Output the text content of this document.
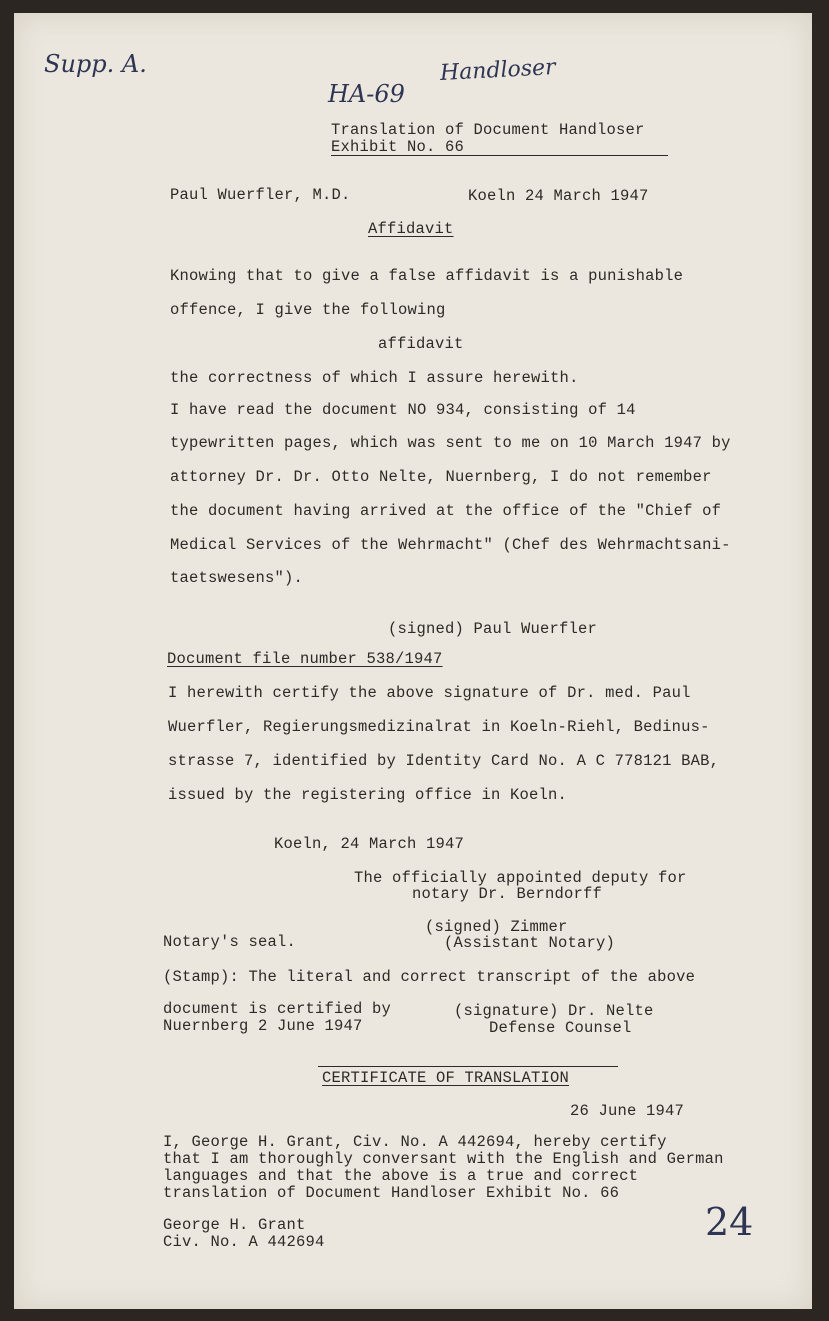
Supp. A.
HA-69
Handloser
24
Translation of Document Handloser
Exhibit No. 66
Paul Wuerfler, M.D.	Koeln 24 March 1947
Affidavit
Knowing that to give a false affidavit is a punishable
offence, I give the following
affidavit
the correctness of which I assure herewith.
I have read the document NO 934, consisting of 14
typewritten pages, which was sent to me on 10 March 1947 by
attorney Dr. Dr. Otto Nelte, Nuernberg, I do not remember
the document having arrived at the office of the "Chief of
Medical Services of the Wehrmacht" (Chef des Wehrmachtsani-
taetswesens").
(signed) Paul Wuerfler
Document file number 538/1947
I herewith certify the above signature of Dr. med. Paul
Wuerfler, Regierungsmedizinalrat in Koeln-Riehl, Bedinus-
strasse 7, identified by Identity Card No. A C 778121 BAB,
issued by the registering office in Koeln.
Koeln, 24 March 1947
The officially appointed deputy for
notary Dr. Berndorff
(signed) Zimmer
Notary's seal.	(Assistant Notary)
(Stamp): The literal and correct transcript of the above
document is certified by
Nuernberg 2 June 1947
(signature) Dr. Nelte
Defense Counsel
CERTIFICATE OF TRANSLATION
26 June 1947
I, George H. Grant, Civ. No. A 442694, hereby certify
that I am thoroughly conversant with the English and German
languages and that the above is a true and correct
translation of Document Handloser Exhibit No. 66
George H. Grant
Civ. No. A 442694
